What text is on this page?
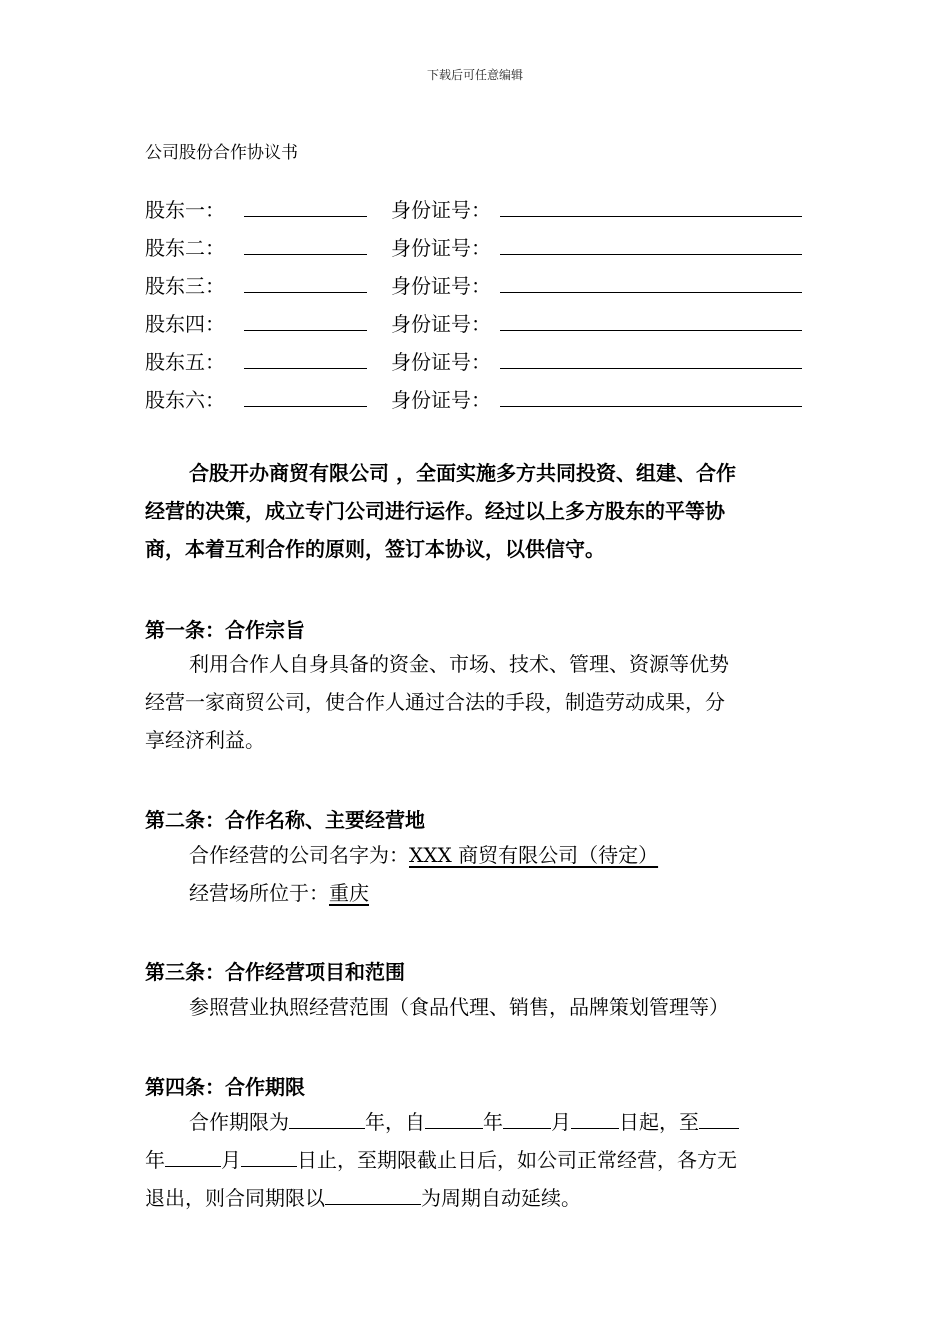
下载后可任意编辑
公司股份合作协议书
股东一：	身份证号：
股东二：	身份证号：
股东三：	身份证号：
股东四：	身份证号：
股东五：	身份证号：
股东六：	身份证号：
合股开办商贸有限公司 ，全面实施多方共同投资、组建、合作
经营的决策，成立专门公司进行运作。经过以上多方股东的平等协
商，本着互利合作的原则，签订本协议，以供信守。
第一条：合作宗旨
利用合作人自身具备的资金、市场、技术、管理、资源等优势
经营一家商贸公司，使合作人通过合法的手段，制造劳动成果，分
享经济利益。
第二条：合作名称、主要经营地
合作经营的公司名字为：XXX 商贸有限公司（待定）
经营场所位于：重庆
第三条：合作经营项目和范围
参照营业执照经营范围（食品代理、销售，品牌策划管理等）
第四条：合作期限
合作期限为	年，自	年 月 日起，至
年	月	日止，至期限截止日后，如公司正常经营，各方无
退出，则合同期限以	为周期自动延续。
